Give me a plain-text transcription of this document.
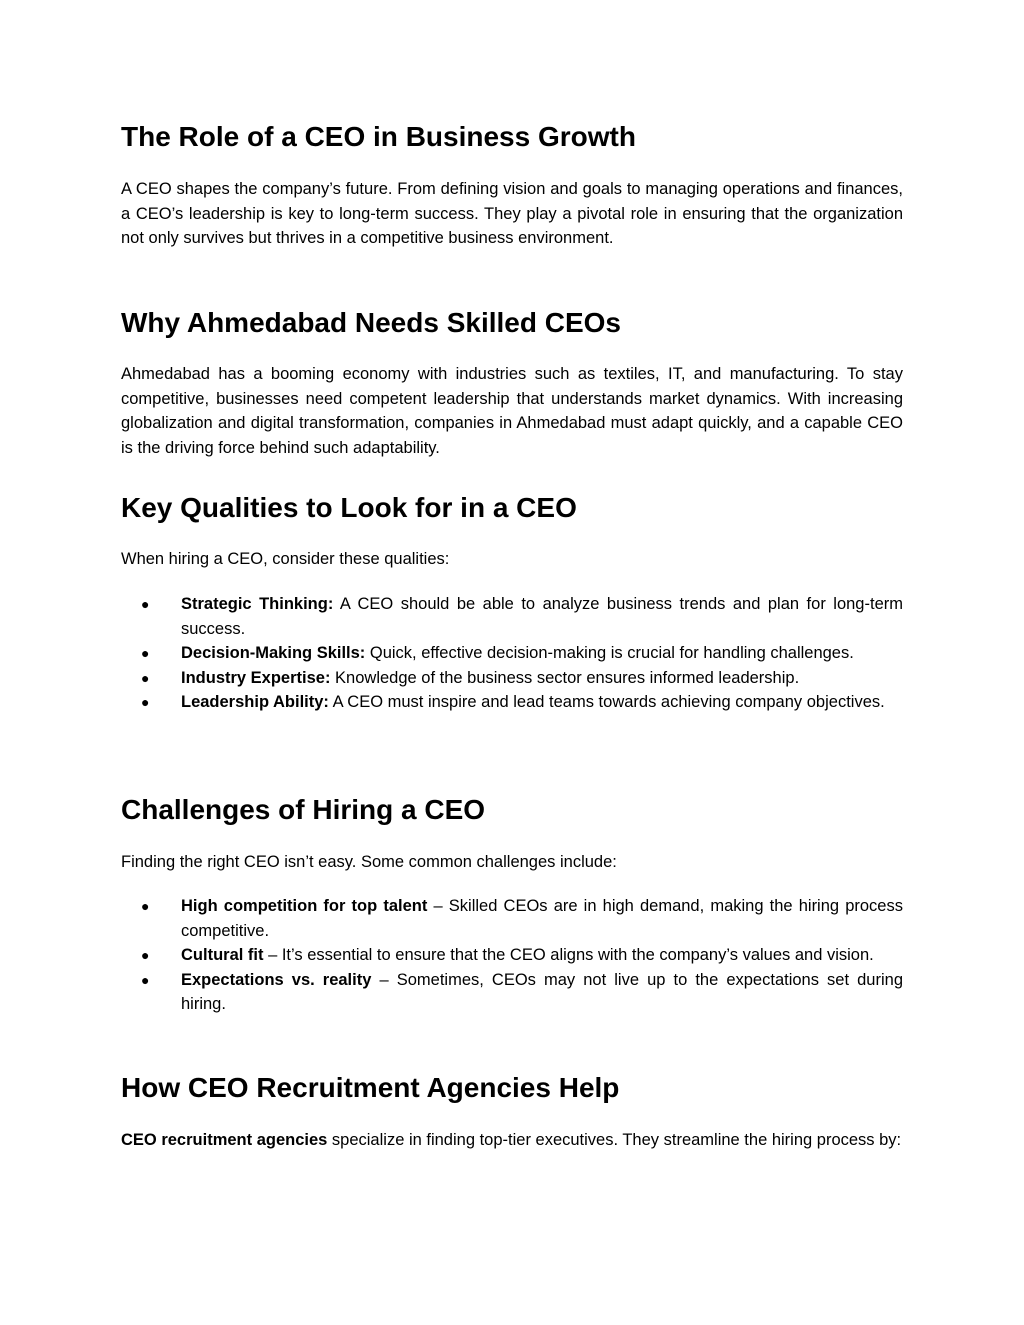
The Role of a CEO in Business Growth

A CEO shapes the company’s future. From defining vision and goals to managing operations and finances, a CEO’s leadership is key to long-term success. They play a pivotal role in ensuring that the organization not only survives but thrives in a competitive business environment.

Why Ahmedabad Needs Skilled CEOs

Ahmedabad has a booming economy with industries such as textiles, IT, and manufacturing. To stay competitive, businesses need competent leadership that understands market dynamics. With increasing globalization and digital transformation, companies in Ahmedabad must adapt quickly, and a capable CEO is the driving force behind such adaptability.

Key Qualities to Look for in a CEO

When hiring a CEO, consider these qualities:

● Strategic Thinking: A CEO should be able to analyze business trends and plan for long-term success.
● Decision-Making Skills: Quick, effective decision-making is crucial for handling challenges.
● Industry Expertise: Knowledge of the business sector ensures informed leadership.
● Leadership Ability: A CEO must inspire and lead teams towards achieving company objectives.
Challenges of Hiring a CEO

Finding the right CEO isn’t easy. Some common challenges include:

● High competition for top talent – Skilled CEOs are in high demand, making the hiring process competitive.
● Cultural fit – It’s essential to ensure that the CEO aligns with the company’s values and vision.
● Expectations vs. reality – Sometimes, CEOs may not live up to the expectations set during hiring.
How CEO Recruitment Agencies Help

CEO recruitment agencies specialize in finding top-tier executives. They streamline the hiring process by:
